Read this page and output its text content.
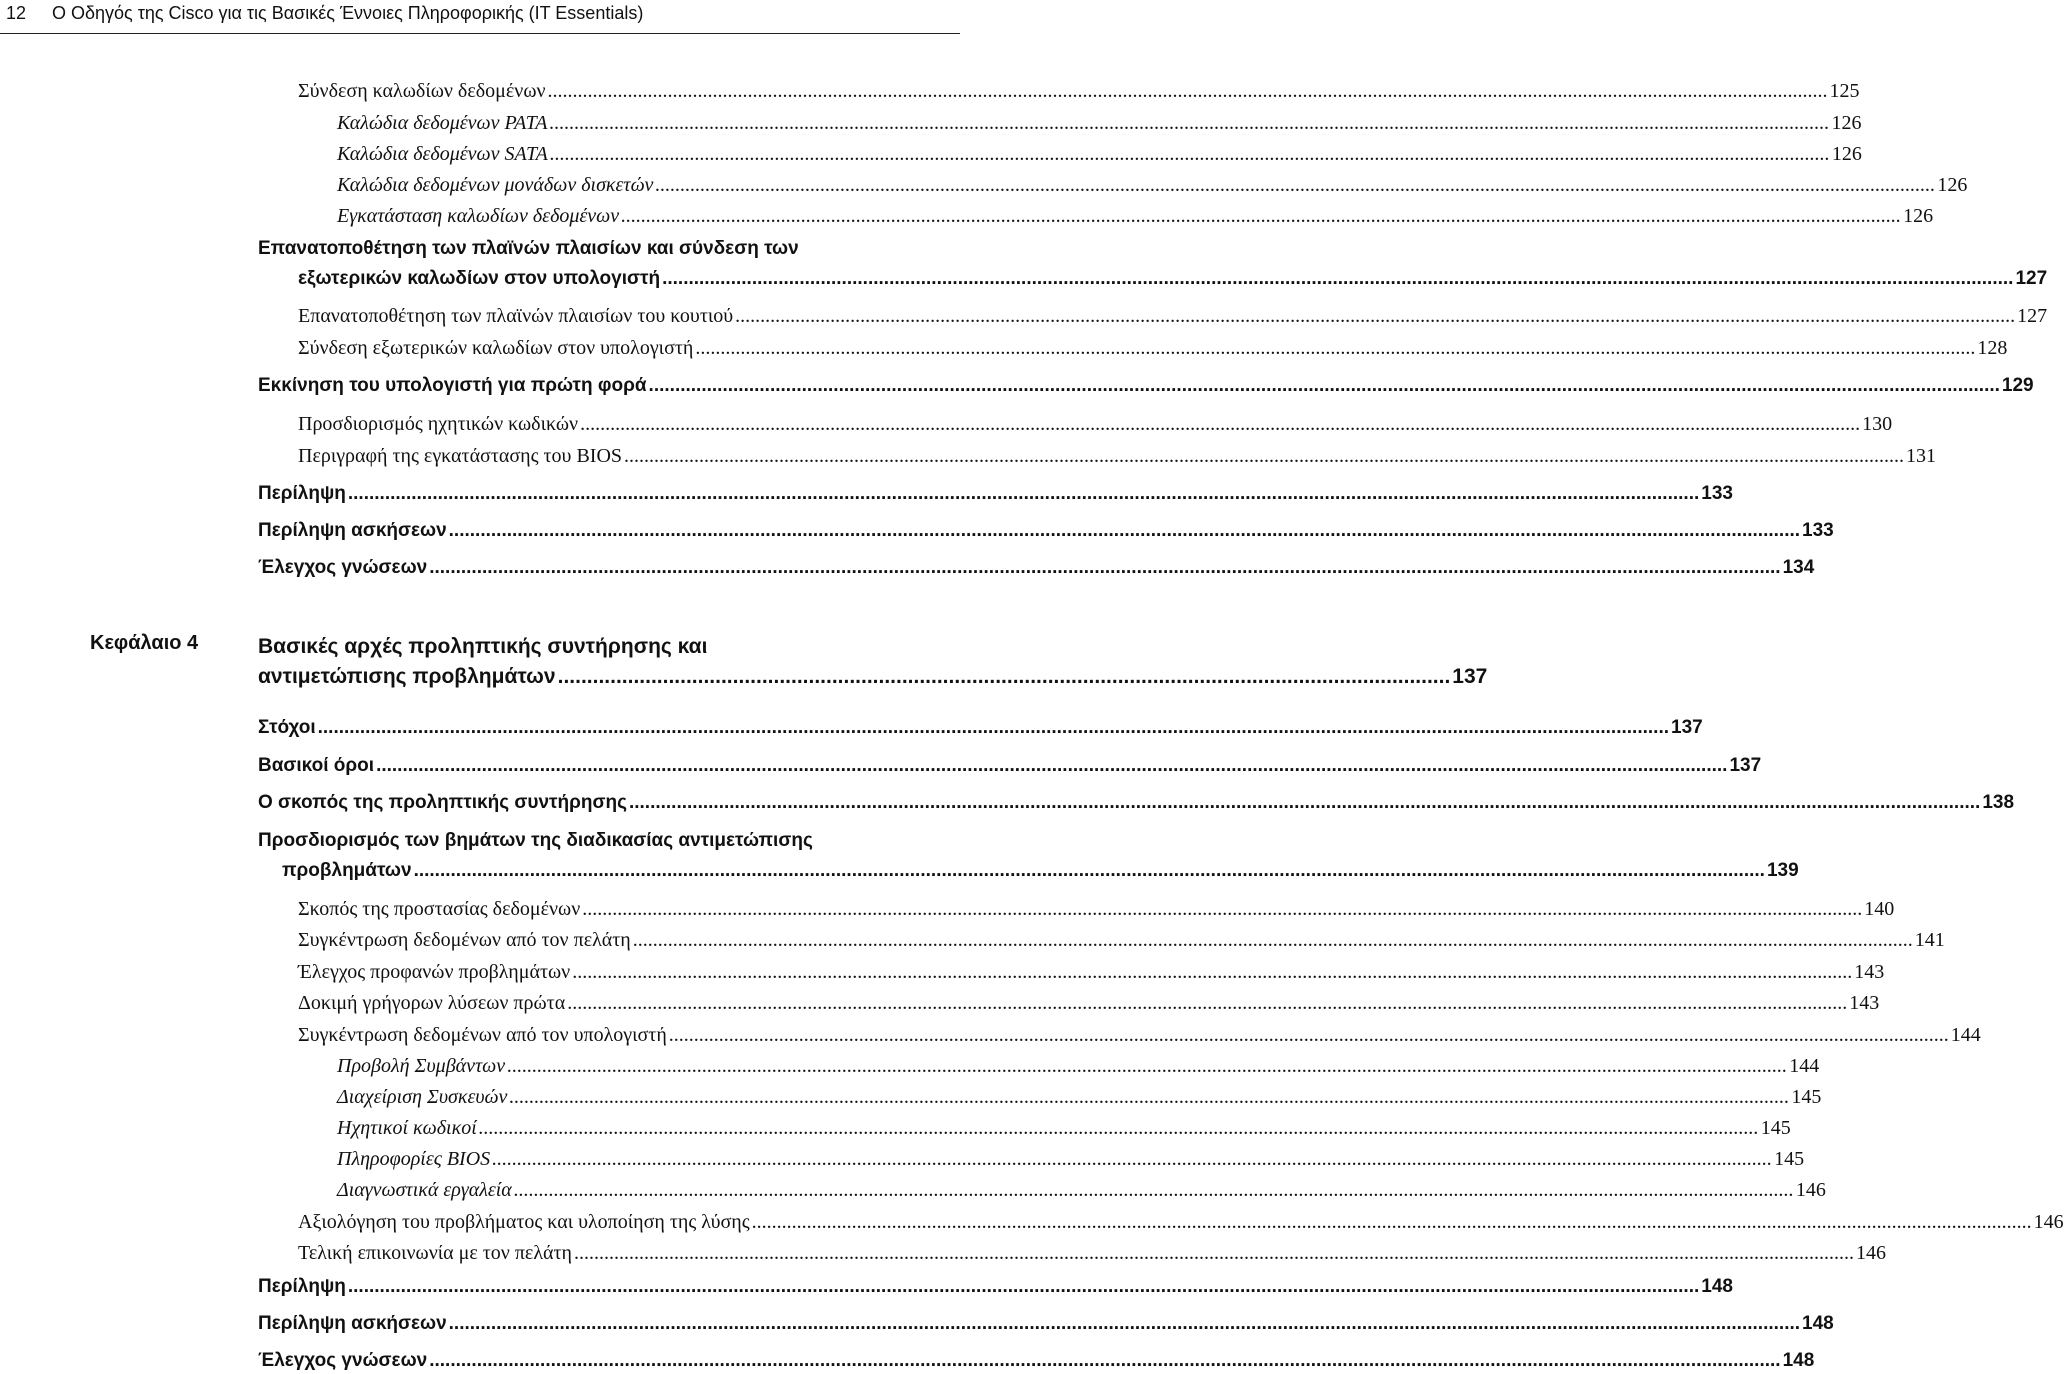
12 Ο Οδηγός της Cisco για τις Βασικές Έννοιες Πληροφορικής (IT Essentials)
Κεφάλαιο 4	Βασικές αρχές προληπτικής συντήρησης και
αντιμετώπισης προβλημάτων ......................................................................................................................................................... 137
Σύνδεση καλωδίων δεδομένων .....	125
Καλώδια δεδομένων PATA .....	126
Καλώδια δεδομένων SATA .....	126
Καλώδια δεδομένων μονάδων δισκετών .....	126
Εγκατάσταση καλωδίων δεδομένων .....	126
Επανατοποθέτηση των πλαϊνών πλαισίων και σύνδεση των
εξωτερικών καλωδίων στον υπολογιστή .....	127
Επανατοποθέτηση των πλαϊνών πλαισίων του κουτιού .....	127
Σύνδεση εξωτερικών καλωδίων στον υπολογιστή .....	128
Εκκίνηση του υπολογιστή για πρώτη φορά .....	129
Προσδιορισμός ηχητικών κωδικών .....	130
Περιγραφή της εγκατάστασης του BIOS .....	131
Περίληψη .....	133
Περίληψη ασκήσεων .....	133
Έλεγχος γνώσεων .....	134
Στόχοι .....	137
Βασικοί όροι .....	137
Ο σκοπός της προληπτικής συντήρησης .....	138
Προσδιορισμός των βημάτων της διαδικασίας αντιμετώπισης
προβλημάτων .....	139
Σκοπός της προστασίας δεδομένων .....	140
Συγκέντρωση δεδομένων από τον πελάτη .....	141
Έλεγχος προφανών προβλημάτων .....	143
Δοκιμή γρήγορων λύσεων πρώτα .....	143
Συγκέντρωση δεδομένων από τον υπολογιστή .....	144
Προβολή Συμβάντων .....	144
Διαχείριση Συσκευών .....	145
Ηχητικοί κωδικοί .....	145
Πληροφορίες BIOS .....	145
Διαγνωστικά εργαλεία .....	146
Αξιολόγηση του προβλήματος και υλοποίηση της λύσης .....	146
Τελική επικοινωνία με τον πελάτη .....	146
Περίληψη .....	148
Περίληψη ασκήσεων .....	148
Έλεγχος γνώσεων .....	148
